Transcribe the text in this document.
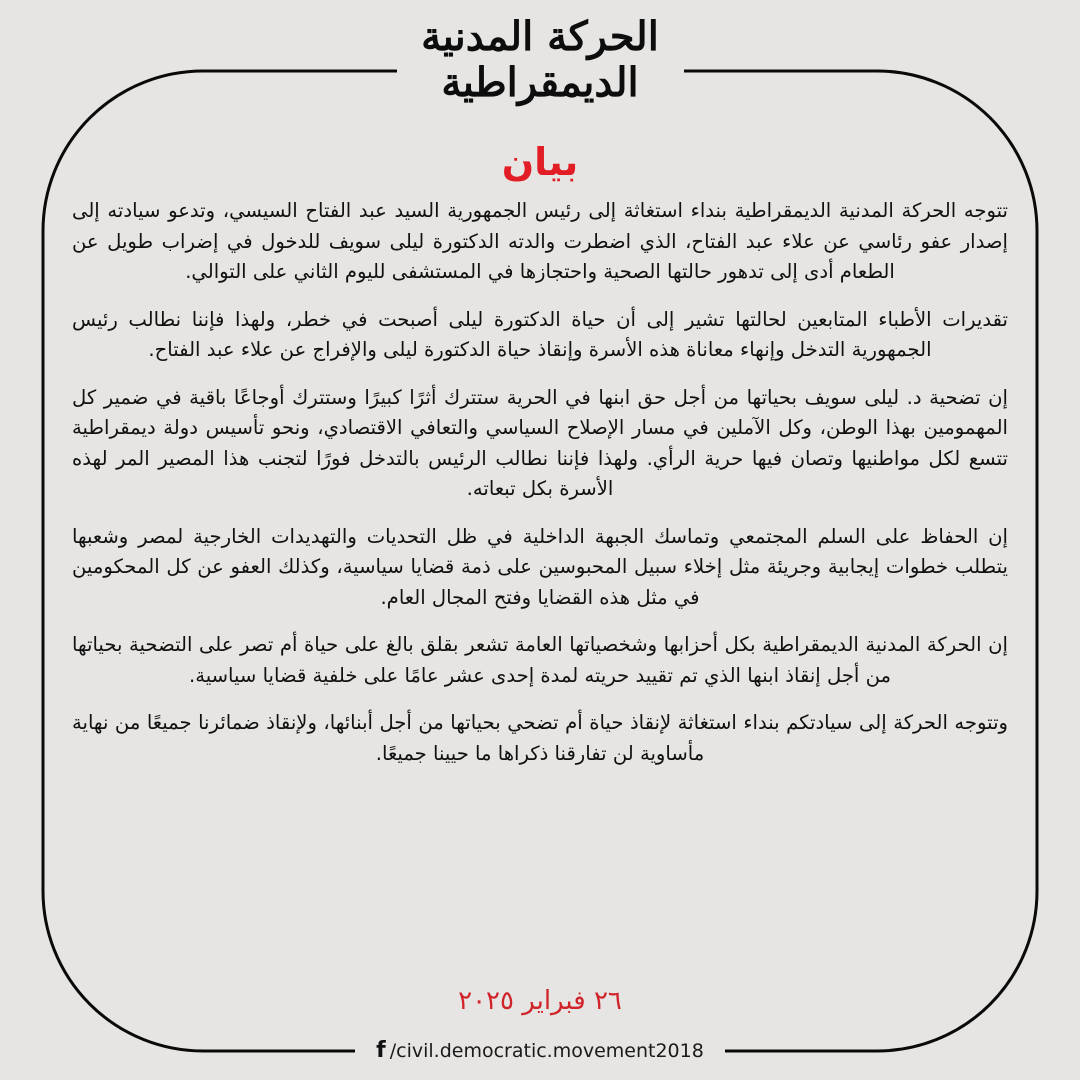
الحركة المدنية
الديمقراطية
بيان

تتوجه الحركة المدنية الديمقراطية بنداء استغاثة إلى رئيس الجمهورية السيد عبد الفتاح السيسي، وتدعو سيادته إلى إصدار عفو رئاسي عن علاء عبد الفتاح، الذي اضطرت والدته الدكتورة ليلى سويف للدخول في إضراب طويل عن الطعام أدى إلى تدهور حالتها الصحية واحتجازها في المستشفى لليوم الثاني على التوالي.

تقديرات الأطباء المتابعين لحالتها تشير إلى أن حياة الدكتورة ليلى أصبحت في خطر، ولهذا فإننا نطالب رئيس الجمهورية التدخل وإنهاء معاناة هذه الأسرة وإنقاذ حياة الدكتورة ليلى والإفراج عن علاء عبد الفتاح.

إن تضحية د. ليلى سويف بحياتها من أجل حق ابنها في الحرية ستترك أثرًا كبيرًا وستترك أوجاعًا باقية في ضمير كل المهمومين بهذا الوطن، وكل الآملين في مسار الإصلاح السياسي والتعافي الاقتصادي، ونحو تأسيس دولة ديمقراطية تتسع لكل مواطنيها وتصان فيها حرية الرأي. ولهذا فإننا نطالب الرئيس بالتدخل فورًا لتجنب هذا المصير المر لهذه الأسرة بكل تبعاته.

إن الحفاظ على السلم المجتمعي وتماسك الجبهة الداخلية في ظل التحديات والتهديدات الخارجية لمصر وشعبها يتطلب خطوات إيجابية وجريئة مثل إخلاء سبيل المحبوسين على ذمة قضايا سياسية، وكذلك العفو عن كل المحكومين في مثل هذه القضايا وفتح المجال العام.

إن الحركة المدنية الديمقراطية بكل أحزابها وشخصياتها العامة تشعر بقلق بالغ على حياة أم تصر على التضحية بحياتها من أجل إنقاذ ابنها الذي تم تقييد حريته لمدة إحدى عشر عامًا على خلفية قضايا سياسية.

وتتوجه الحركة إلى سيادتكم بنداء استغاثة لإنقاذ حياة أم تضحي بحياتها من أجل أبنائها، ولإنقاذ ضمائرنا جميعًا من نهاية مأساوية لن تفارقنا ذكراها ما حيينا جميعًا.

٢٦ فبراير ٢٠٢٥
f /civil.democratic.movement2018
